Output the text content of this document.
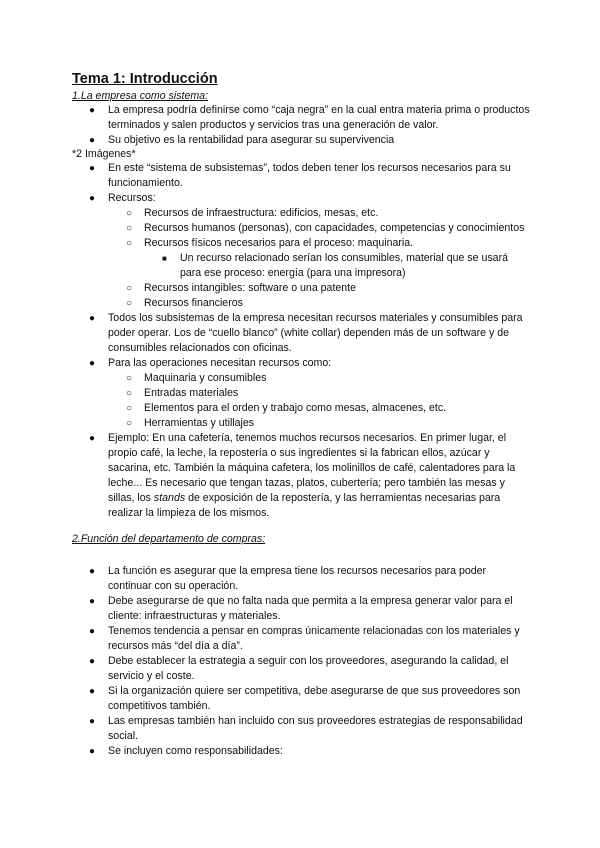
Tema 1: Introducción
1.La empresa como sistema:
● La empresa podría definirse como “caja negra” en la cual entra materia prima o productos terminados y salen productos y servicios tras una generación de valor.
● Su objetivo es la rentabilidad para asegurar su supervivencia
*2 Imágenes*
● En este “sistema de subsistemas”, todos deben tener los recursos necesarios para su funcionamiento.
● Recursos:
○ Recursos de infraestructura: edificios, mesas, etc.
○ Recursos humanos (personas), con capacidades, competencias y conocimientos
○ Recursos físicos necesarios para el proceso: maquinaria.
■ Un recurso relacionado serían los consumibles, material que se usará para ese proceso: energía (para una impresora)
○ Recursos intangibles: software o una patente
○ Recursos financieros
● Todos los subsistemas de la empresa necesitan recursos materiales y consumibles para poder operar. Los de “cuello blanco” (white collar) dependen más de un software y de consumibles relacionados con oficinas.
● Para las operaciones necesitan recursos como:
○ Maquinaria y consumibles
○ Entradas materiales
○ Elementos para el orden y trabajo como mesas, almacenes, etc.
○ Herramientas y utillajes
● Ejemplo: En una cafetería, tenemos muchos recursos necesarios. En primer lugar, el propio café, la leche, la repostería o sus ingredientes si la fabrican ellos, azúcar y sacarina, etc. También la máquina cafetera, los molinillos de café, calentadores para la leche... Es necesario que tengan tazas, platos, cubertería; pero también las mesas y sillas, los stands de exposición de la repostería, y las herramientas necesarias para realizar la limpieza de los mismos.
2.Función del departamento de compras:
● La función es asegurar que la empresa tiene los recursos necesarios para poder continuar con su operación.
● Debe asegurarse de que no falta nada que permita a la empresa generar valor para el cliente: infraestructuras y materiales.
● Tenemos tendencia a pensar en compras únicamente relacionadas con los materiales y recursos más “del día a día”.
● Debe establecer la estrategia a seguir con los proveedores, asegurando la calidad, el servicio y el coste.
● Si la organización quiere ser competitiva, debe asegurarse de que sus proveedores son competitivos también.
● Las empresas también han incluido con sus proveedores estrategias de responsabilidad social.
● Se incluyen como responsabilidades:
